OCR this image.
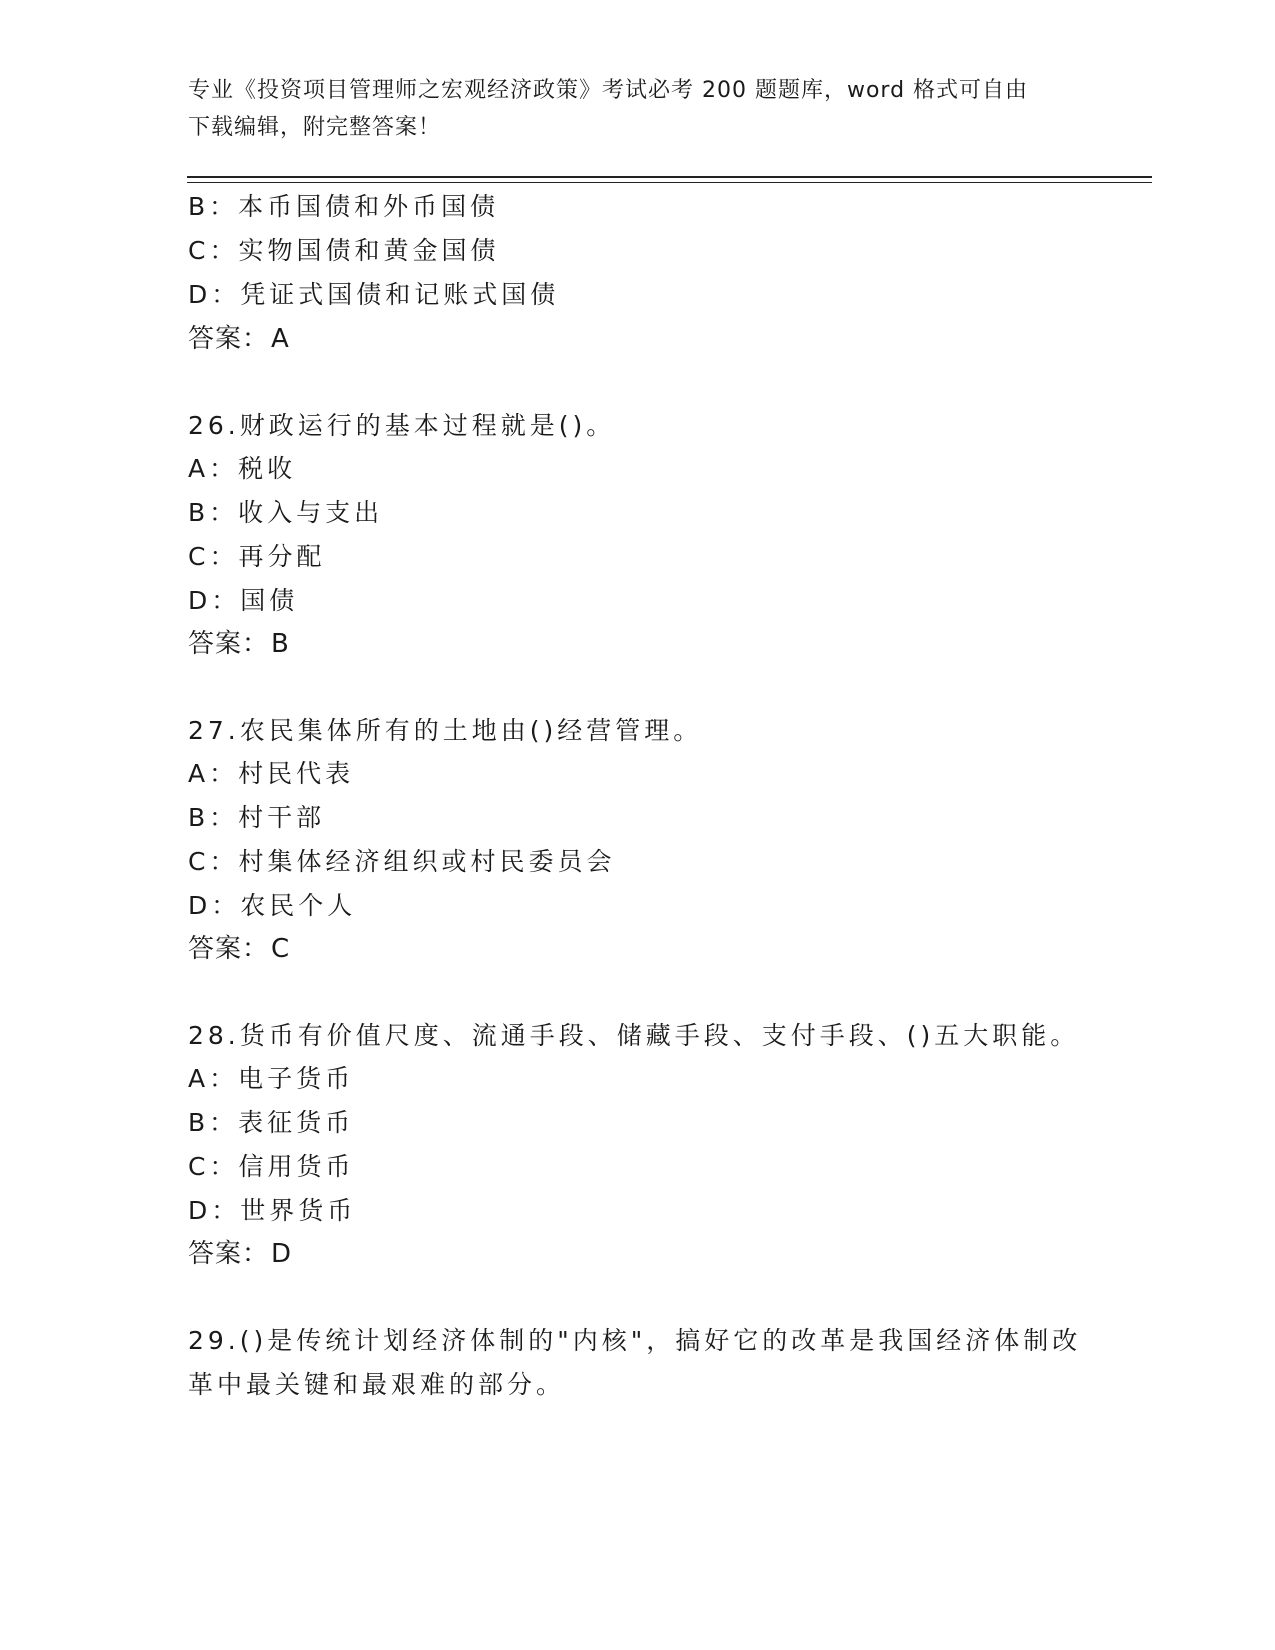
专业《投资项目管理师之宏观经济政策》考试必考 200 题题库，word 格式可自由
下载编辑，附完整答案！
B：本币国债和外币国债
C：实物国债和黄金国债
D：凭证式国债和记账式国债
答案：A
26.财政运行的基本过程就是()。
A：税收
B：收入与支出
C：再分配
D：国债
答案：B
27.农民集体所有的土地由()经营管理。
A：村民代表
B：村干部
C：村集体经济组织或村民委员会
D：农民个人
答案：C
28.货币有价值尺度、流通手段、储藏手段、支付手段、()五大职能。
A：电子货币
B：表征货币
C：信用货币
D：世界货币
答案：D
29.()是传统计划经济体制的"内核"，搞好它的改革是我国经济体制改
革中最关键和最艰难的部分。
